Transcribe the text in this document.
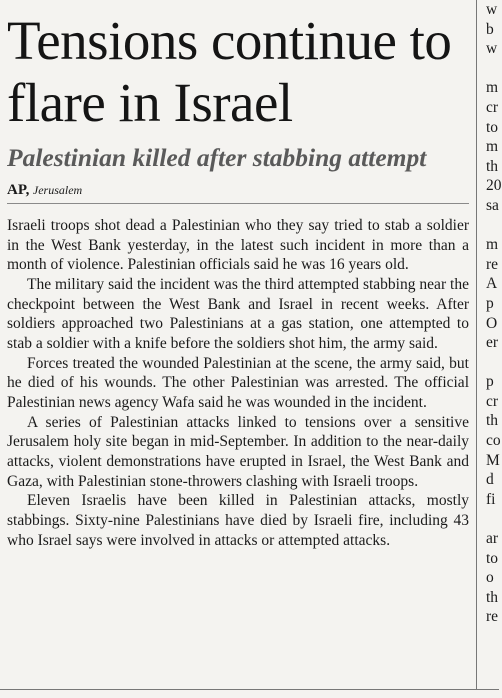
Tensions continue to flare in Israel
Palestinian killed after stabbing attempt
AP, Jerusalem

Israeli troops shot dead a Palestinian who they say tried to stab a soldier in the West Bank yesterday, in the latest such incident in more than a month of violence. Palestinian officials said he was 16 years old.

The military said the incident was the third attempted stabbing near the checkpoint between the West Bank and Israel in recent weeks. After soldiers approached two Palestinians at a gas station, one attempted to stab a soldier with a knife before the soldiers shot him, the army said.

Forces treated the wounded Palestinian at the scene, the army said, but he died of his wounds. The other Palestinian was arrested. The official Palestinian news agency Wafa said he was wounded in the incident.

A series of Palestinian attacks linked to tensions over a sensitive Jerusalem holy site began in mid-September. In addition to the near-daily attacks, violent demonstrations have erupted in Israel, the West Bank and Gaza, with Palestinian stone-throwers clashing with Israeli troops.

Eleven Israelis have been killed in Palestinian attacks, mostly stabbings. Sixty-nine Palestinians have died by Israeli fire, including 43 who Israel says were involved in attacks or attempted attacks.

w
b
w

m
cr
to
m
th
20
sa

m
re
A
p
O
er

p
cr
th
co
M
d
fi

ar
to
o
th
re
